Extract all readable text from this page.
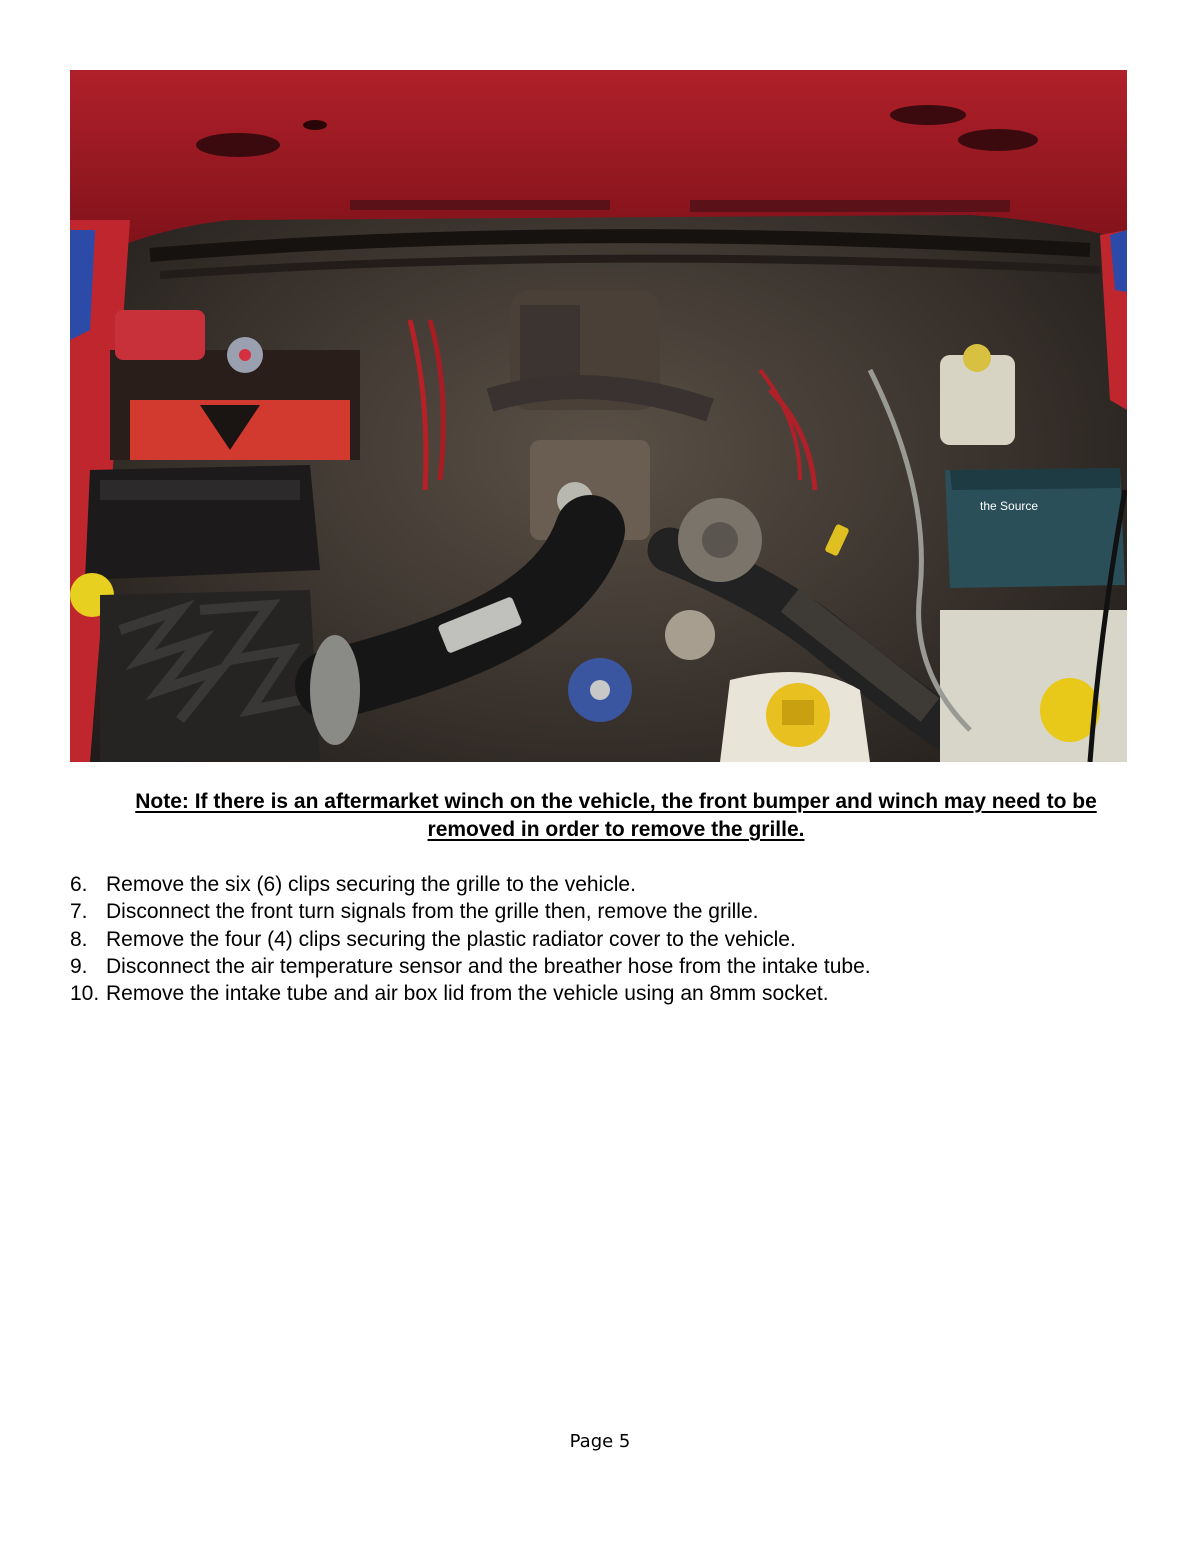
the Source
Note: If there is an aftermarket winch on the vehicle, the front bumper and winch may need to be removed in order to remove the grille.
6. Remove the six (6) clips securing the grille to the vehicle.
7. Disconnect the front turn signals from the grille then, remove the grille.
8. Remove the four (4) clips securing the plastic radiator cover to the vehicle.
9. Disconnect the air temperature sensor and the breather hose from the intake tube.
10. Remove the intake tube and air box lid from the vehicle using an 8mm socket.
Page 5
